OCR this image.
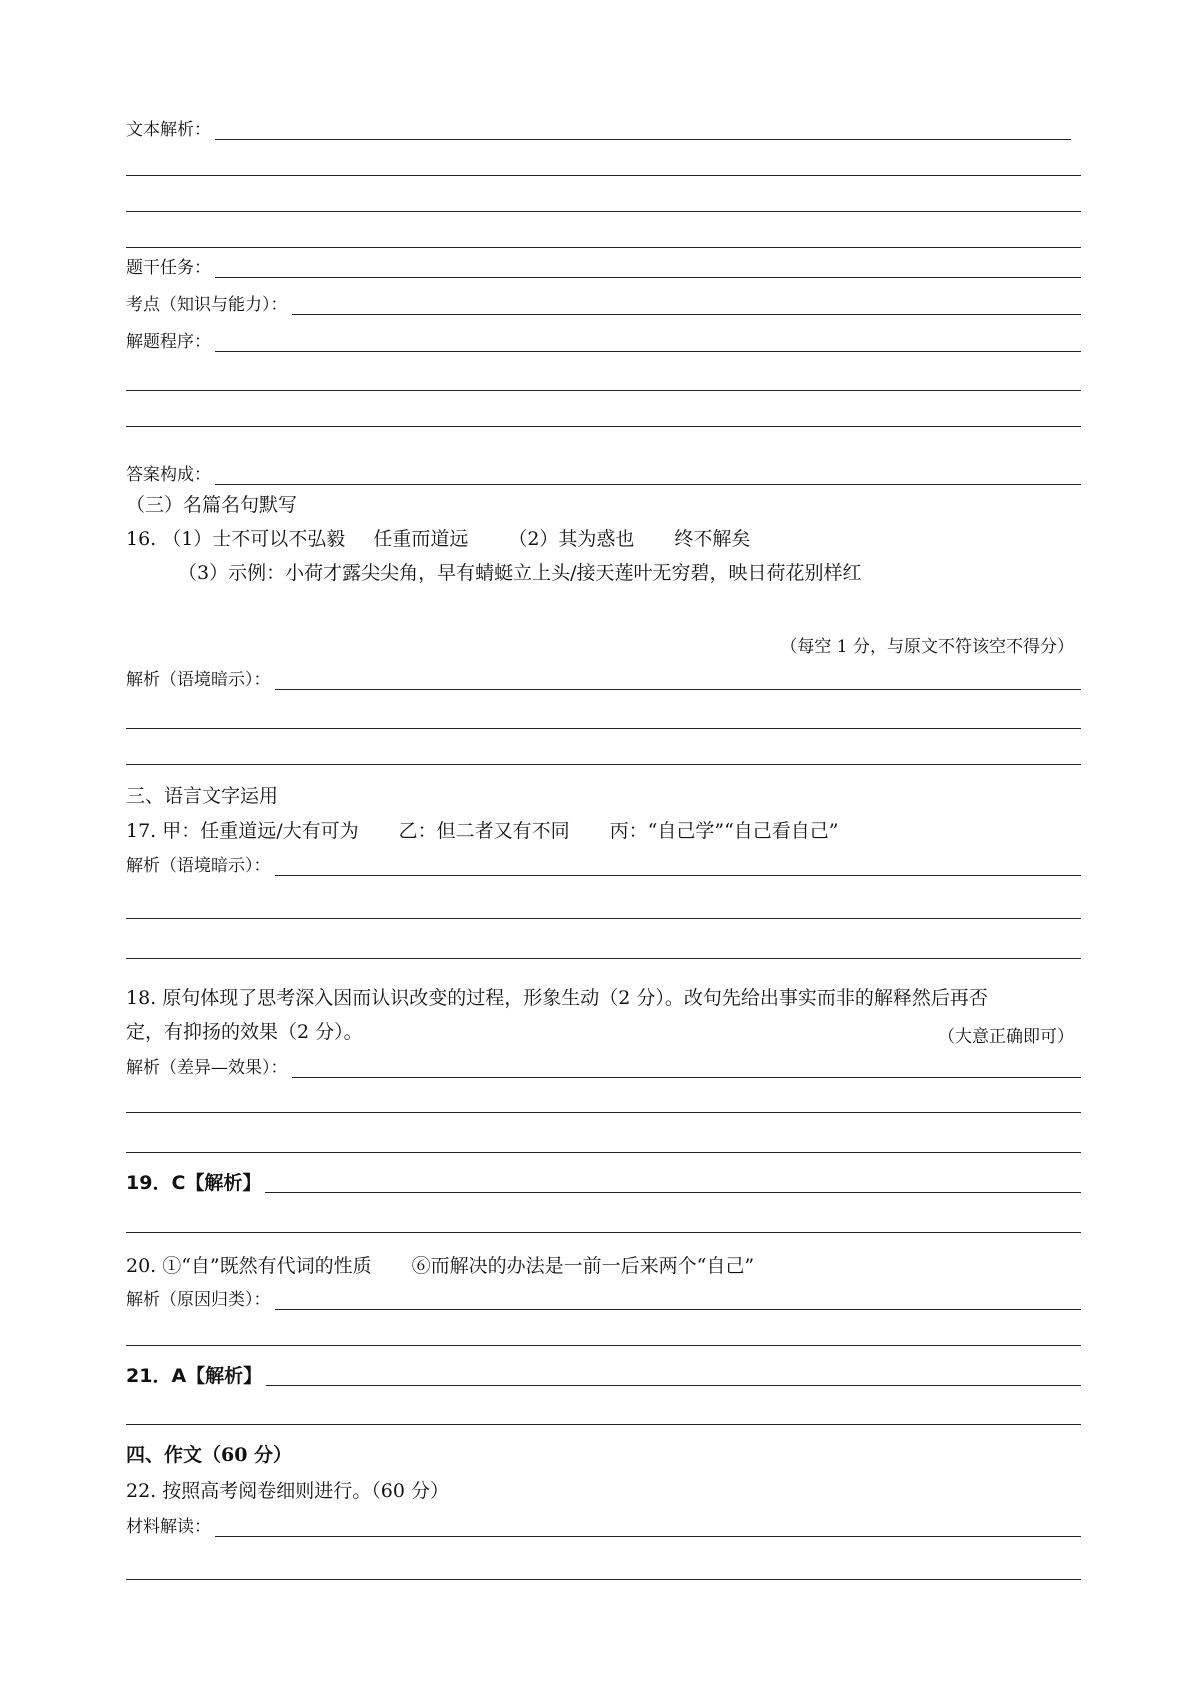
文本解析：
题干任务：
考点（知识与能力）：
解题程序：
答案构成：
（三）名篇名句默写
16. （1）士不可以不弘毅 任重而道远 （2）其为惑也 终不解矣
（3）示例：小荷才露尖尖角，早有蜻蜓立上头/接天莲叶无穷碧，映日荷花别样红
（每空 1 分，与原文不符该空不得分）
解析（语境暗示）：
三、语言文字运用
17. 甲：任重道远/大有可为 乙：但二者又有不同 丙：“自己学”“自己看自己”
解析（语境暗示）：
18. 原句体现了思考深入因而认识改变的过程，形象生动（2 分）。改句先给出事实而非的解释然后再否
定，有抑扬的效果（2 分）。	（大意正确即可）
解析（差异—效果）：
19．C 【解析】
20. ①“自”既然有代词的性质 ⑥而解决的办法是一前一后来两个“自己”
解析（原因归类）：
21．A 【解析】
四、作文（60 分）
22. 按照高考阅卷细则进行。（60 分）
材料解读：
